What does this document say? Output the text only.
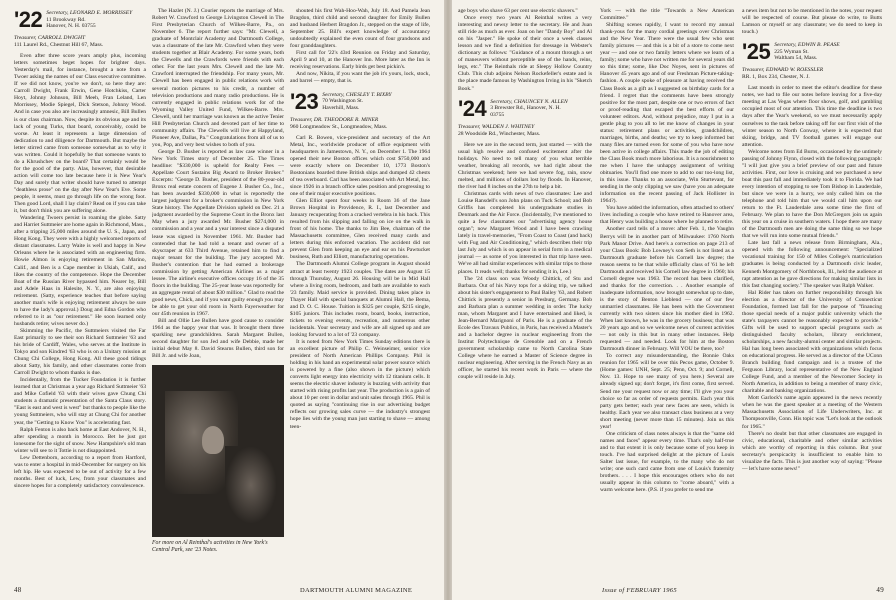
'22 Secretary, LEONARD E. MORRISSEY
11 Brookway Rd.
Hanover, N. H. 03755

Treasurer, CARROLL DWIGHT
111 Laurel Rd., Chestnut Hill 67, Mass.

Even after three score years amply plus, incoming letters sometimes beget hopes for brighter days. Yesterday's mail, for instance, brought a note from a Twoer asking the names of our Class executive committee. If we did not know, you're we don't, so here they are: Carroll Dwight, Frank Erwin, Gene Hotchkiss, Carter Hoyt, Johnny Johnson, Bill Meeh, Fran Leland, Len Morrissey, Modie Spiegel, Dick Stetson, Johnny Wood. And in case you also are increasingly amnesic, Bill Bullen is our class chairman. Now, despite its obvious age and its lack of young Turks, that board, conceivably, could be worse. At least it represents a large dimension of dedication to and diligence for Dartmouth. But maybe the letter stirred came from someone somewhat as to why it was written. Could it hopefully be that someone wants to do a Khrushchev on the board? That certainly would be for the good of the party. Alas, however, that desirable action will come too late because here it is New Year's Day and surely that writer should have turned to attempt "deathless prose" on the day after New Year's Eve. Some people, it seems, must go through life on the wrong foot. Then good Lord, shall I lay claim? Read on if you can take it, but don't think you are suffering alone.

Wandering Twoers persist in roaming the globe. Satty and Harriet Suttmeier are home again in Richmond, Mass., after a tripping 25,000 miles around the U. S., Japan, and Hong Kong. They were with a highly welcomed reports of distant classmates. Larry Waite is well and happy in New Orleans where he is associated with an engineering firm. Howie Almon is enjoying retirement in San Marino, Calif., and Ben is a Cape member in Ukiah, Calif., and likes the country of the competence. Hope the December Boat of the Russian River bypassed him. Nearer by, Bill and Adele Haas in Halesite, N. Y., are also enjoying retirement. (Satty, experience teaches that before saying another man's wife is enjoying retirement always be sure to have the lady's approval.) Doug and Edna Gordon who referred to it as "our retirement." He soon learned only husbands retire; wives never do.)

Skimming the Pacific, the Suttmeiers visited the Far East primarily to see their son Richard Suttmeier '63 and his bride of Cardiff, Wales, who serves at the Institute in Tokyo and son Kindred '63 who is on a Unitary mission at Chung Chi College, Hong Kong. All these good tidings about Satty, his family, and other classmates come from Carroll Dwight to whom thanks is due.

Incidentally, from the Tucker Foundation it is further learned that at Christmas a year ago Richard Suttmeier '63 and Mike Cofield '63 with their wives gave Chung Chi students a dramatic presentation of the Santa Claus story. "East is east and west is west" but thanks to people like the young Suttmeiers, who will stay at Chung Chi for another year, the "Getting to Know You" is accelerating fast.

Ralph Fenton is also back home at East Andover, N. H., after spending a month in Morocco. Bet he just got lonesome for the sight of snow. New Hampshire's old man winter will see to it Tottie is not disappointed.

Lew Dettenborn, according to a report from Hartford, was to enter a hospital in mid-December for surgery on his left hip. He was expected to be out of activity for a few months. Best of luck, Lew, from your classmates and sincere hopes for a completely satisfactory convalescence.

The Hazlet (N. J.) Courier reports the marriage of Mrs. Robert W. Crawford to George Livingston Clewell in The First Presbyterian Church of Wilkes-Barre, Pa., on November 6. The report further says: "Mr. Clewell, a graduate of Montclair Academy and Dartmouth College, was a classmate of the late Mr. Crawford when they were students together at Blair Academy. For some years, both the Clewells and the Crawfords were friends with each other. For the last years Mrs. Clewell and the late Mr. Crawford interrupted the friendship. For many years, Mr. Clewell has been engaged in public relations work with several motion pictures to his credit, a number of television productions and many radio productions. He is currently engaged in public relations work for of the Wyoming Valley United Fund, Wilkes-Barre. Mrs. Clewell, until her marriage was known as the active Tenier Hill Presbyterian Church and devoted part of her time to community affairs. The Clewells will live at Happyland, Pioneer Ave, Dallas, Pa." Congratulations from all of us to you, Pop, and very best wishes to both of you.

George D. Busher is reported as law case winner in a New York Times story of December 25. The Times headline: "$330,000 is upheld for Realty Fees — Appellate Court Sustains Big Award to Broker Broker." Excerpts: "George D. Busher, president of the 80-year-old Bronx real estate concern of Eugene J. Busher Co., Inc., has been awarded $330,000 in what is reportedly the largest judgment for a broker's commission in New York State history. The Appellate Division upheld on Dec. 21 a judgment awarded by the Supreme Court in the Bronx last May when a jury awarded Mr. Busher $274,000 in commission and a year and a year interest since a disputed lease was signed in November 1961. Mr. Busher had contended that he had told a tenant and owner of a skyscraper at 633 Third Avenue, retained him to find a major tenant for the building. The jury accepted Mr. Busher's contention that he had earned a brokerage commission by getting American Airlines as a major lessee. The airline's executive offices occupy 16 of the 35 floors in the building. The 25-year lease was reportedly for an aggregate rental of about $30 million." Glad to read the good news, Chick, and if you want guilty enough you may be able to get your old room in North Fayerweather for our 45th reunion in 1967.

Bill and Ollie Lee Bullen have good cause to consider 1964 as the happy year that was. It brought them three sparkling new grandchildren. Sarah Margaret Bullen, second daughter for son Jed and wife Debbie, made her initial debut May 8. David Stearns Bullen, third son for Bill Jr. and wife Joan,

For more on Al Reinthal's activities in New York's Central Park, see '23 Notes.

shouted his first Wah-Hoo-Wah, July 18. And Pamela Jean Bragdon, third child and second daughter for Emily Bullen and husband Herbert Bragdon Jr., stepped on the stage of life, September 25. Bill's expert knowledge of accountancy undoubtedly explained the even count of four grandsons and four granddaughters.

First call for '22's 43rd Reunion on Friday and Saturday, April 9 and 10, at the Hanover Inn. More later as the Inn is receiving reservations. Early birds get best pickin's.

And now, Nikita, if you want the job it's yours, lock, stock, and barrel — empty, that is.

'23 Secretary, CHESLEY T. BIXBY
70 Washington St.
Haverhill, Mass.

Treasurer, DR. THEODORE R. MINER
960 Longmeadow St., Longmeadow, Mass.

Carl R. Bowen, vice-president and secretary of the Art Metal, Inc., worldwide producer of office equipment with headquarters in Jamestown, N. Y., on December 1. The 1964 opened their new Boston offices which cost $750,000 and were exactly where on December 10, 1773 Boston's Bostonians boarded three British ships and dumped 42 chests of tea overboard. Carl has been associated with Art Metal, Inc. since 1926 in a branch office sales position and progressing to one of their major executive positions.

Glen Elliot spent four weeks in Room 36 of the Jane Brown Hospital in Providence, R. I., last December and January recuperating from a cracked vertebra in his back. This resulted from his slipping and falling on ice on the walk in front of his home. The thanks to Jim Bee, chairman of the Massachusetts committee, Glen received many cards and letters during this enforced vacation. The accident did not prevent Glen from keeping an eye and ear on his Pawtucket business, Ruth and Elliott, manufacturing operations.

The Dartmouth Alumni College program in August should attract at least twenty 1923 couples. The dates are August 15 through Thursday, August 26. Housing will be in Mid Hall where a living room, bedroom, and bath are available to each '23 family. Maid service is provided. Dining takes place in Thayer Hall with special banquets at Alumni Hall, the Bema, and D. O. C. House. Tuition is $325 per couple, $215 single, $105 juniors. This includes room, board, books, instruction, tickets to evening events, recreation, and numerous other incidentals. Your secretary and wife are all signed up and are looking forward to a lot of '23 company.

It is noted from New York Times Sunday editions there is an excellent picture of Philip C. Weinseimer, senior vice president of North American Phillips Company. Phil is holding in his hand an experimental solar power source which is powered by a fine (also shown in the picture) which converts light energy into electricity with 12 titanium cells. It seems the electric shaver industry is buzzing with activity that started with rising profits last year. The production is a gain of about 10 per cent in dollar and unit sales through 1965. Phil is quoted as saying "continuing rise in our advertising budget reflects our growing sales curve — the industry's strongest hope lies with the young man just starting to shave — among teen-

48	DARTMOUTH ALUMNI MAGAZINE

age boys who shave 63 per cent use electric shavers."

Once every two years Al Reinthal writes a very interesting and newsy letter to the secretary. He and Juan still ride as much as ever. Joan on her "Dandy Boy" and Al on his "Jasper." He spoke of their once a week classes lesson and we find a definition for dressage in Webster's dictionary as follows: "Guidance of a mount through a set of maneuvers without perceptible use of the hands, reins, legs, etc." The Reinthals ride at Sleepy Hollow Country Club. This club adjoins Nelson Rockefeller's estate and is the place made famous by Washington Irving in his "Sketch Book."

'24 Secretary, CHAUNCEY N. ALLEN
3 Brewster Rd., Hanover, N. H.
03755

Treasurer, WALDEN J. WHITNEY
28 Woodside Rd., Winchester, Mass.

Here we are in the second term, just started — with the usual high resolve and confused excitement after the holidays. No need to tell many of you what terrible weather, breaking all records, we had right about the Christmas weekend; here we had severe fog, rain, snow melted, and millions of dollars lost by floods. In Hanover, the river had 8 inches on the 27th to help a bit.

Christmas cards with news of two classmates: Lee and Louise Ransdell's son John plans on Tuck School; and Bob Griffis has completed his undergraduate studies in Denmark and the Air Force. (Incidentally, I've mentioned to quite a few classmates our "advertising agency house organ"; now Margaret Wood and I have been crawling lately in travel-memories, "From Coast to Coast (and back) with Fug and Air Conditioning," which describes their trip last July and which is on appear in serial form in a medical journal — as some of you interested in that trip have seen. We've all had similar experiences with similar trips to those places. It reads well; thanks for sending it in, Lee.)

The '24 class son was Woody Chittick, of Stu and Barbara. Out of his Navy tops for a skiing trip, we talked about his sister's engagement to Paul Bailey '63, and Robert Chittick is presently a senior in Presburg, Germany. Bob and Barbara plan a summer wedding in order. The lucky man, whom Margaret and I have entertained and liked, is Jean-Bernard Marignoni of Paris. He is a graduate of the Ecole des Travaux Publics, in Paris, has received a Master's and a bachelor degree in nuclear engineering from the Institut Polytechnique de Grenoble and on a French government scholarship came to North Carolina State College where he earned a Master of Science degree in nuclear engineering. After serving in the French Navy as an officer, he started his recent work in Paris — where the couple will reside in July.

York — with the title "Towards a New American Committee."

Shifting scenes rapidly, I want to record my annual thank-yous for the many cordial greetings over Christmas and the New Year. There were the usual few who sent family pictures — and this is a bit of a store to come next year — and one or two family letters where we learn of a family; some who have not written me for several years did so this time; some, like Doc Noyes, sent in pictures of Hanover 45 years ago and of our Freshman Picture-taking-fashion. A couple spoke of pleasure at having received the Class Book as a gift as I suggested on birthday cards for a friend. I regret that the comments have been strongly positive for the most part, despite one or two errors of fact or proof-reading that escaped the best efforts of our volunteer editors. And, without prejudice, may I put in a gentle plug to you all to let me know of changes in your status: retirement plans or activities, grandchildren, marriages, births, and deaths; we try to keep informed but many files are turned even for some of you who have now been active in college affairs. This made the job of editing the Class Book much more laborious. It is a nourishment to me when I have the unhappy assignment of writing obituaries. You'll find one more to add to our too-long list, in this issue. Thanks to an associate, Win Sturtevant, for sending in the only clipping we saw (have you an adequate information on the recent passing of Jack Hollister in 1964?).

You have added the information, often attached to others' lives including a couple who have retired to Hanover area, that Henry was building a house where he planned to retire.

Another card tells of a move: after Feb. 1, the Vaughn Berrys will be in another part of Milwaukee: 1760 North Park Manor Drive. And here's a correction on page 213 of your Class Book: Bob Lowney's son Seth is not listed as a Dartmouth graduate before his Cornell law degree; the reason seems to be that while officially class of '61 he left Dartmouth and received his Cornell law degree in 1960; his Cornell degree was 1963. The record has been clarified, and thanks for the correction. . . Another example of inadequate information, now brought somewhat up to date, is the story of Benton Lieblend — one of our few unmarried classmates. He has been with the Government currently with two sisters since his mother died in 1962. When last known, he was in the grocery business; that was 20 years ago and so we welcome news of current activities — not only in this but in many other instances. Help requested — and needed. Look for him at the Boston Dartmouth dinner in February. Will YOU be there, too?

To correct any misunderstanding, the Bonnie Oaks reunion for 1965 will be over this Pecos game, October 9. (Home games: UNH, Sept. 25; Penn, Oct. 9; and Cornell, Nov. 13. Hope to see many of you here.) Several are already signed up; don't forget, it's first come, first served. Send me your request now or any time; I'll give you your choice so far as order of requests permits. Each year this party gets better; each year new faces are seen, which is healthy. Each year we also transact class business at a very short meeting (never more than 15 minutes). Join us this year!

One criticism of class notes always is that the "same old names and faces" appear every time. That's only half-true and to that extent it is only because some of you keep in touch. I've had surprised delight at the picture of Louis Salter last issue, for example, to the many who do not write; one such card came from one of Louis's fraternity brothers. . . . I hope this encourages others who do not usually appear in this column to "come aboard," with a warm welcome here. (P.S. if you prefer to send me

a news item but not to be mentioned in the notes, your request will be respected of course. But please do write, to Butts Lamson or myself or any classmate; we do need to keep in touch.)

'25 Secretary, EDWIN B. PEASE
225 Wyman St.
Waltham 54, Mass.

Treasurer, EDWARD W. ROESSLER
RR. 1, Box 234, Chester, N. J.

Last month in order to meet the editor's deadline for these notes, we had to file our notes before leaving for a five-day meeting at Las Vegas where floor shows, golf, and gambling occupied most of our attention. This time the deadline is two days after the Year's weekend, so we must necessarily apply ourselves to the task before taking off for our first visit of the winter season to North Conway, where it is expected that skiing, bridge, and TV football games will engage our attention.

Welcome notes from Ed Burns, occasioned by the untimely passing of Johnny Flynn, closed with the following paragraph: "I will just give you a brief preview of our past and future activities. First, our love is cruising and we purchased a new boat this past fall and immediately took it to Florida. We had every intention of stopping to see Tom Bishop in Lauderdale, but since we were in a hurry, we only called him on the telephone and told him that we would call him upon our return to the Ft. Lauderdale area some time the first of February. We plan to have the Don McGregors join us again this year on a cruise in southern waters. I hope there are many of the Dartmouth men are doing the same thing so we hope that we will run into some mutual friends."

Late last fall a news release from Birmingham, Ala., opened with the following announcement: "Specialized vocational training for 150 of Miles College's matriculation graduates is being conducted by a Dartmouth civic leader, Kenneth Montgomery of Northbrook, Ill., held the audience at rapt attention as he gave directions for making similar lists in this fast changing society." The speaker was Ralph Walker.

Hal Rider has taken on further responsibility through his election as a director of the University of Connecticut Foundation, formed last fall for the purpose of "financing those special needs of a major public university which the state's taxpayers cannot be reasonably expected to provide." Gifts will be used to support special programs such as distinguished faculty scholars, library enrichment, scholarships, a new faculty-alumni center and similar projects. Hal has long been associated with organizations which focus on educational progress. He served as a director of the UConn Branch building fund campaign and is a trustee of the Ferguson Library, local representative of the New England College Fund, and a member of the Newcomer Society in North America, in addition to being a member of many civic, charitable and banking organizations.

Mott Garlock's name again appeared in the news recently when he was the guest speaker at a meeting of the Western Massachusetts Association of Life Underwriters, Inc. at Thompsonville, Conn. His topic was "Let's look at the outlook for 1965."

There's no doubt but that other classmates are engaged in civic, educational, charitable and other similar activities which are worthy of reporting in this column. But your secretary's perspicacity is insufficient to enable him to visualize the facts. This is just another way of saying: "Please — let's have some news!"

Issue of FEBRUARY 1965	49
